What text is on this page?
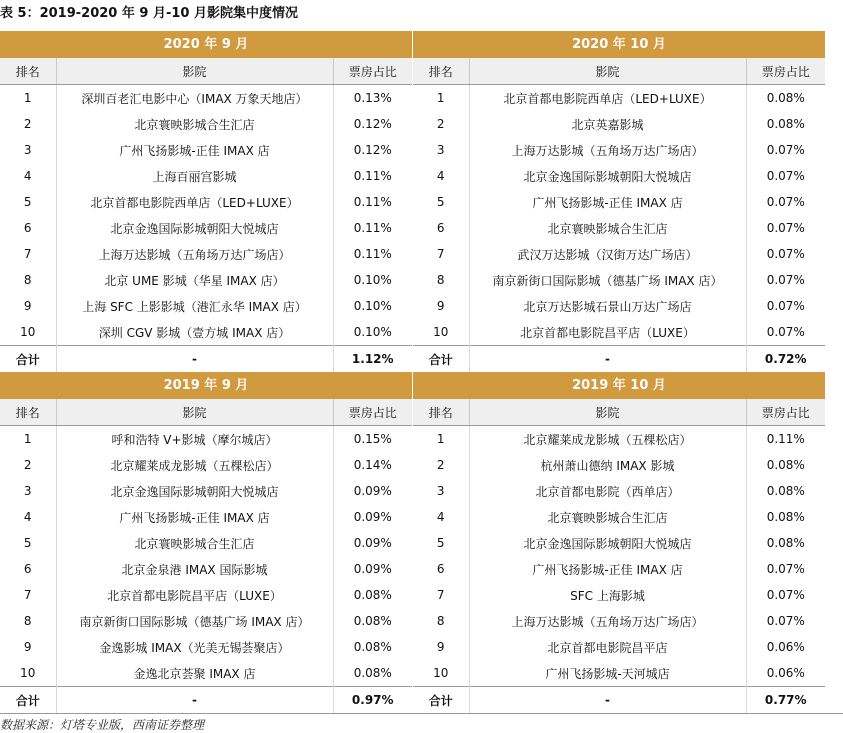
表 5：2019-2020 年 9 月-10 月影院集中度情况
2020 年 9 月
排名	影院	票房占比
1	深圳百老汇电影中心（IMAX 万象天地店）	0.13%
2	北京寰映影城合生汇店	0.12%
3	广州飞扬影城-正佳 IMAX 店	0.12%
4	上海百丽宫影城	0.11%
5	北京首都电影院西单店（LED+LUXE）	0.11%
6	北京金逸国际影城朝阳大悦城店	0.11%
7	上海万达影城（五角场万达广场店）	0.11%
8	北京 UME 影城（华星 IMAX 店）	0.10%
9	上海 SFC 上影影城（港汇永华 IMAX 店）	0.10%
10	深圳 CGV 影城（壹方城 IMAX 店）	0.10%
合计	-	1.12%
2020 年 10 月
排名	影院	票房占比
1	北京首都电影院西单店（LED+LUXE）	0.08%
2	北京英嘉影城	0.08%
3	上海万达影城（五角场万达广场店）	0.07%
4	北京金逸国际影城朝阳大悦城店	0.07%
5	广州飞扬影城-正佳 IMAX 店	0.07%
6	北京寰映影城合生汇店	0.07%
7	武汉万达影城（汉街万达广场店）	0.07%
8	南京新街口国际影城（德基广场 IMAX 店）	0.07%
9	北京万达影城石景山万达广场店	0.07%
10	北京首都电影院昌平店（LUXE）	0.07%
合计	-	0.72%
2019 年 9 月
排名	影院	票房占比
1	呼和浩特 V+影城（摩尔城店）	0.15%
2	北京耀莱成龙影城（五棵松店）	0.14%
3	北京金逸国际影城朝阳大悦城店	0.09%
4	广州飞扬影城-正佳 IMAX 店	0.09%
5	北京寰映影城合生汇店	0.09%
6	北京金泉港 IMAX 国际影城	0.09%
7	北京首都电影院昌平店（LUXE）	0.08%
8	南京新街口国际影城（德基广场 IMAX 店）	0.08%
9	金逸影城 IMAX（光美无锡荟聚店）	0.08%
10	金逸北京荟聚 IMAX 店	0.08%
合计	-	0.97%
2019 年 10 月
排名	影院	票房占比
1	北京耀莱成龙影城（五棵松店）	0.11%
2	杭州萧山德纳 IMAX 影城	0.08%
3	北京首都电影院（西单店）	0.08%
4	北京寰映影城合生汇店	0.08%
5	北京金逸国际影城朝阳大悦城店	0.08%
6	广州飞扬影城-正佳 IMAX 店	0.07%
7	SFC 上海影城	0.07%
8	上海万达影城（五角场万达广场店）	0.07%
9	北京首都电影院昌平店	0.06%
10	广州飞扬影城-天河城店	0.06%
合计	-	0.77%
数据来源：灯塔专业版，西南证券整理
